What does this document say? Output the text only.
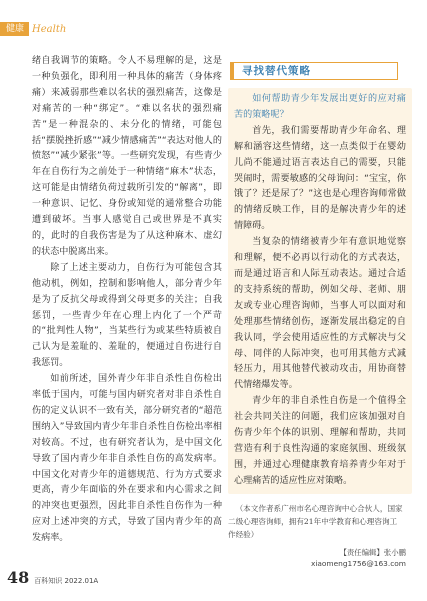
健康 Health

绪自我调节的策略。令人不易理解的是，这是一种负强化，即利用一种具体的痛苦（身体疼痛）来减弱那些难以名状的强烈痛苦，这像是对痛苦的一种“绑定”。“难以名状的强烈痛苦”是一种混杂的、未分化的情绪，可能包括“摆脱挫折感”“减少情感痛苦”“表达对他人的愤怒”“减少紧张”等。一些研究发现，有些青少年在自伤行为之前处于一种情绪“麻木”状态，这可能是由情绪负荷过载所引发的“解离”，即一种意识、记忆、身份或知觉的通常整合功能遭到破坏。当事人感觉自己或世界是不真实的，此时的自我伤害是为了从这种麻木、虚幻的状态中脱离出来。

除了上述主要动力，自伤行为可能包含其他动机，例如，控制和影响他人，部分青少年是为了反抗父母或得到父母更多的关注；自我惩罚，一些青少年在心理上内化了一个严苛的“批判性人物”，当某些行为或某些特质被自己认为是羞耻的、羞耻的，便通过自伤进行自我惩罚。

如前所述，国外青少年非自杀性自伤检出率低于国内，可能与国内研究者对非自杀性自伤的定义认识不一致有关，部分研究者的“超范围纳入”导致国内青少年非自杀性自伤检出率相对较高。不过，也有研究者认为，是中国文化导致了国内青少年非自杀性自伤的高发病率。中国文化对青少年的道德规范、行为方式要求更高，青少年面临的外在要求和内心需求之间的冲突也更强烈，因此非自杀性自伤作为一种应对上述冲突的方式，导致了国内青少年的高发病率。

寻找替代策略

如何帮助青少年发展出更好的应对痛苦的策略呢？

首先，我们需要帮助青少年命名、理解和涵容这些情绪，这一点类似于在婴幼儿尚不能通过语言表达自己的需要，只能哭闹时，需要敏感的父母询问：“宝宝，你饿了？还是尿了？”这也是心理咨询师常做的情绪反映工作，目的是解决青少年的述情障碍。

当复杂的情绪被青少年有意识地觉察和理解，便不必再以行动化的方式表达，而是通过语言和人际互动表达。通过合适的支持系统的帮助，例如父母、老师、朋友或专业心理咨询师，当事人可以面对和处理那些情绪创伤，逐渐发展出稳定的自我认同，学会使用适应性的方式解决与父母、同伴的人际冲突，也可用其他方式减轻压力，用其他替代被动攻击，用协商替代情绪爆发等。

青少年的非自杀性自伤是一个值得全社会共同关注的问题，我们应该加强对自伤青少年个体的识别、理解和帮助，共同营造有利于良性沟通的家庭氛围、班级氛围，并通过心理健康教育培养青少年对于心理痛苦的适应性应对策略。

（本文作者系广州市名心理咨询中心合伙人，国家二级心理咨询师，拥有21年中学教育和心理咨询工作经验）
【责任编辑】张小鹏
xiaomeng1756@163.com
48 百科知识 2022.01A
